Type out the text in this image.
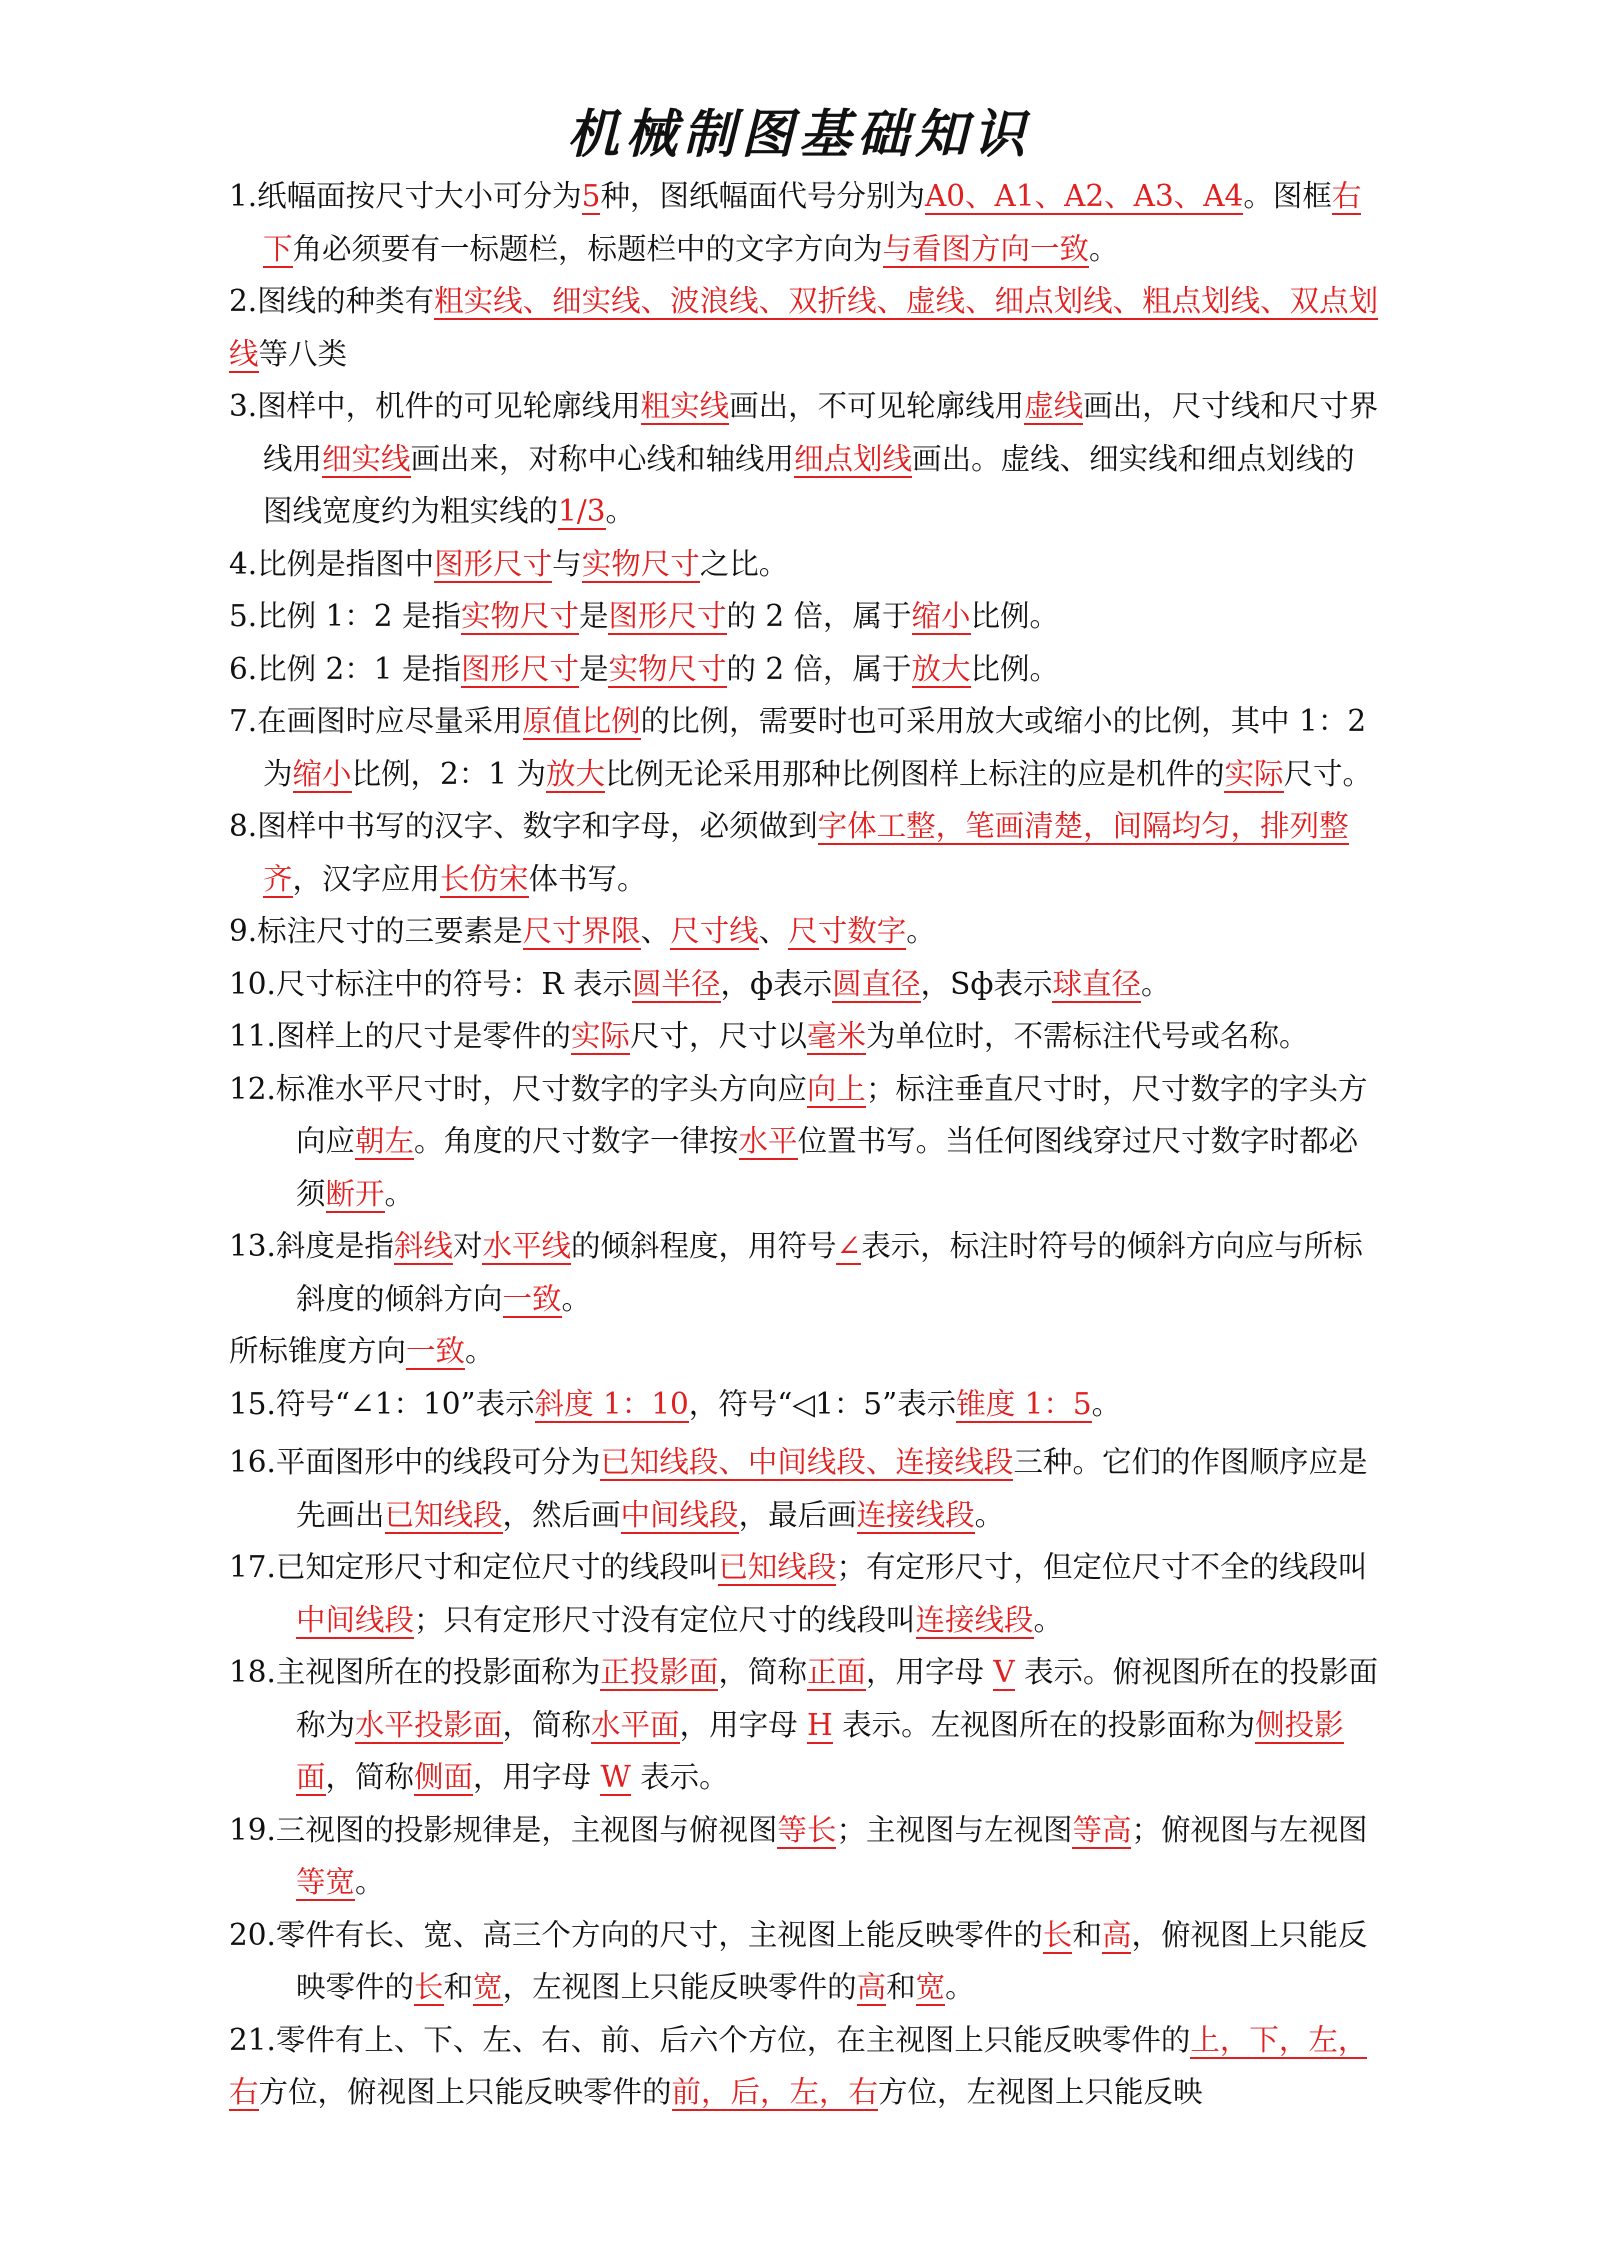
机械制图基础知识
1.纸幅面按尺寸大小可分为5种，图纸幅面代号分别为A0、A1、A2、A3、A4。图框右下角必须要有一标题栏，标题栏中的文字方向为与看图方向一致。
2.图线的种类有粗实线、细实线、波浪线、双折线、虚线、细点划线、粗点划线、双点划线等八类
3.图样中，机件的可见轮廓线用粗实线画出，不可见轮廓线用虚线画出，尺寸线和尺寸界线用细实线画出来，对称中心线和轴线用细点划线画出。虚线、细实线和细点划线的图线宽度约为粗实线的1/3。
4.比例是指图中图形尺寸与实物尺寸之比。
5.比例 1：2 是指实物尺寸是图形尺寸的 2 倍，属于缩小比例。
6.比例 2：1 是指图形尺寸是实物尺寸的 2 倍，属于放大比例。
7.在画图时应尽量采用原值比例的比例，需要时也可采用放大或缩小的比例，其中 1：2 为缩小比例，2：1 为放大比例无论采用那种比例图样上标注的应是机件的实际尺寸。
8.图样中书写的汉字、数字和字母，必须做到字体工整，笔画清楚，间隔均匀，排列整齐，汉字应用长仿宋体书写。
9.标注尺寸的三要素是尺寸界限、尺寸线、尺寸数字。
10.尺寸标注中的符号：R 表示圆半径，ф表示圆直径，Sф表示球直径。
11.图样上的尺寸是零件的实际尺寸，尺寸以毫米为单位时，不需标注代号或名称。
12.标准水平尺寸时，尺寸数字的字头方向应向上；标注垂直尺寸时，尺寸数字的字头方向应朝左。角度的尺寸数字一律按水平位置书写。当任何图线穿过尺寸数字时都必须断开。
13.斜度是指斜线对水平线的倾斜程度，用符号∠表示，标注时符号的倾斜方向应与所标斜度的倾斜方向一致。
所标锥度方向一致。
15.符号“∠1：10”表示斜度 1：10，符号“◁1：5”表示锥度 1：5。
16.平面图形中的线段可分为已知线段、中间线段、连接线段三种。它们的作图顺序应是先画出已知线段，然后画中间线段，最后画连接线段。
17.已知定形尺寸和定位尺寸的线段叫已知线段；有定形尺寸，但定位尺寸不全的线段叫中间线段；只有定形尺寸没有定位尺寸的线段叫连接线段。
18.主视图所在的投影面称为正投影面，简称正面，用字母 V 表示。俯视图所在的投影面称为水平投影面，简称水平面，用字母 H 表示。左视图所在的投影面称为侧投影面，简称侧面，用字母 W 表示。
19.三视图的投影规律是，主视图与俯视图等长；主视图与左视图等高；俯视图与左视图等宽。
20.零件有长、宽、高三个方向的尺寸，主视图上能反映零件的长和高，俯视图上只能反映零件的长和宽，左视图上只能反映零件的高和宽。
21.零件有上、下、左、右、前、后六个方位，在主视图上只能反映零件的上，下，左，右方位，俯视图上只能反映零件的前，后，左，右方位，左视图上只能反映
